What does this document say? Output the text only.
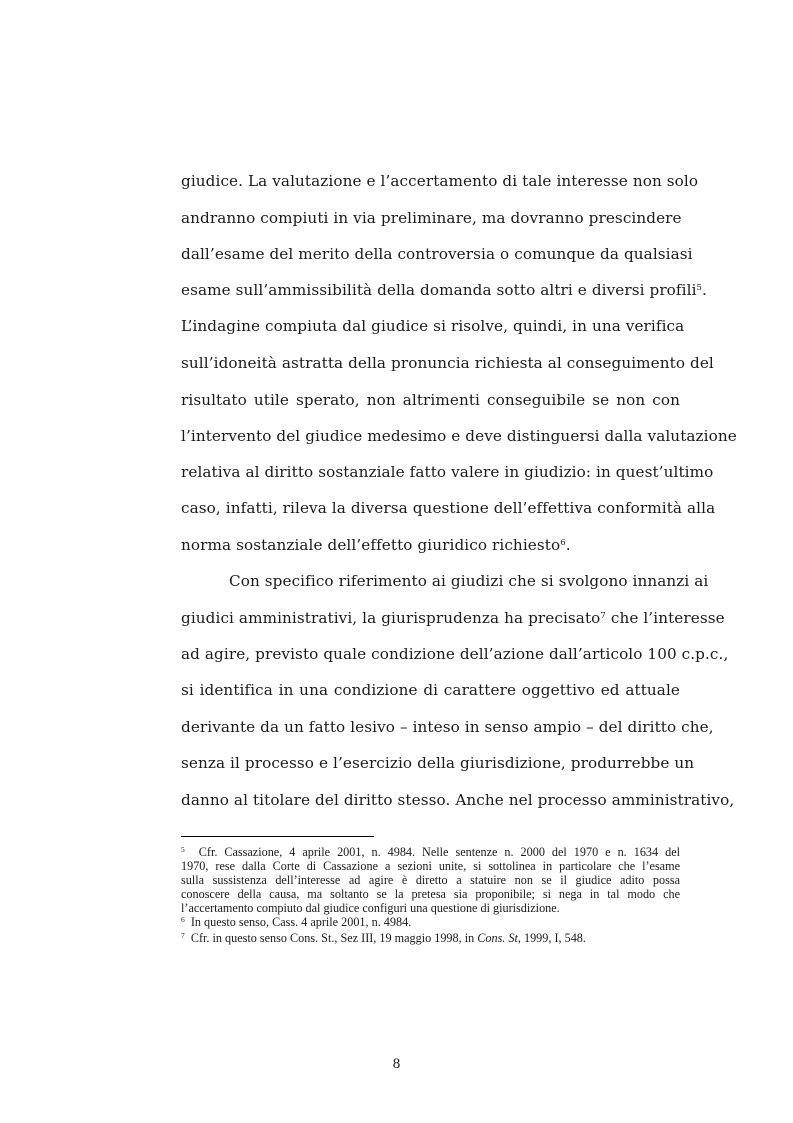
giudice. La valutazione e l’accertamento di tale interesse non solo

andranno compiuti in via preliminare, ma dovranno prescindere

dall’esame del merito della controversia o comunque da qualsiasi

esame sull’ammissibilità della domanda sotto altri e diversi profili$^5$.

L’indagine compiuta dal giudice si risolve, quindi, in una verifica

sull’idoneità astratta della pronuncia richiesta al conseguimento del

risultato utile sperato, non altrimenti conseguibile se non con

l’intervento del giudice medesimo e deve distinguersi dalla valutazione

relativa al diritto sostanziale fatto valere in giudizio: in quest’ultimo

caso, infatti, rileva la diversa questione dell’effettiva conformità alla

norma sostanziale dell’effetto giuridico richiesto$^6$.

Con specifico riferimento ai giudizi che si svolgono innanzi ai

giudici amministrativi, la giurisprudenza ha precisato$^7$ che l’interesse

ad agire, previsto quale condizione dell’azione dall’articolo 100 c.p.c.,

si identifica in una condizione di carattere oggettivo ed attuale

derivante da un fatto lesivo – inteso in senso ampio – del diritto che,

senza il processo e l’esercizio della giurisdizione, produrrebbe un

danno al titolare del diritto stesso. Anche nel processo amministrativo,

$^5$ Cfr. Cassazione, 4 aprile 2001, n. 4984. Nelle sentenze n. 2000 del 1970 e n. 1634 del

1970, rese dalla Corte di Cassazione a sezioni unite, si sottolinea in particolare che l’esame

sulla sussistenza dell’interesse ad agire è diretto a statuire non se il giudice adito possa

conoscere della causa, ma soltanto se la pretesa sia proponibile; si nega in tal modo che

l’accertamento compiuto dal giudice configuri una questione di giurisdizione.

$^6$ In questo senso, Cass. 4 aprile 2001, n. 4984.

$^7$ Cfr. in questo senso Cons. St., Sez III, 19 maggio 1998, in Cons. St, 1999, I, 548.

8
